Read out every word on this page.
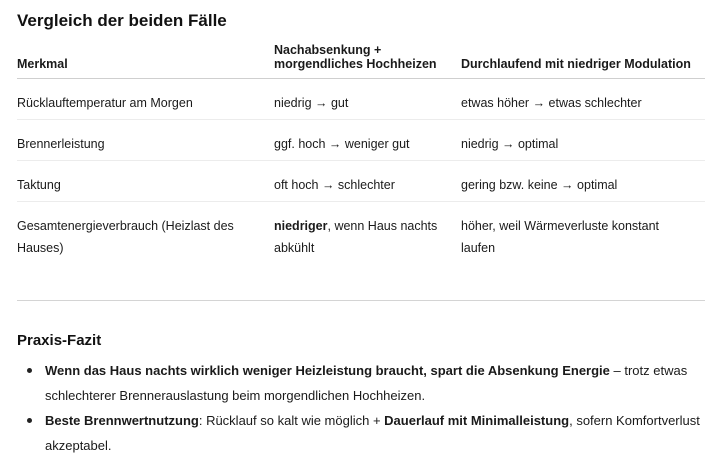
Vergleich der beiden Fälle
Merkmal	Nachabsenkung + morgendliches Hochheizen	Durchlaufend mit niedriger Modulation
Rücklauftemperatur am Morgen	niedrig → gut	etwas höher → etwas schlechter
Brennerleistung	ggf. hoch → weniger gut	niedrig → optimal
Taktung	oft hoch → schlechter	gering bzw. keine → optimal
Gesamtenergieverbrauch (Heizlast des Hauses)	niedriger, wenn Haus nachts abkühlt	höher, weil Wärmeverluste konstant laufen
Praxis-Fazit
Wenn das Haus nachts wirklich weniger Heizleistung braucht, spart die Absenkung Energie – trotz etwas schlechterer Brennerauslastung beim morgendlichen Hochheizen.
Beste Brennwertnutzung: Rücklauf so kalt wie möglich + Dauerlauf mit Minimalleistung, sofern Komfortverlust akzeptabel.
